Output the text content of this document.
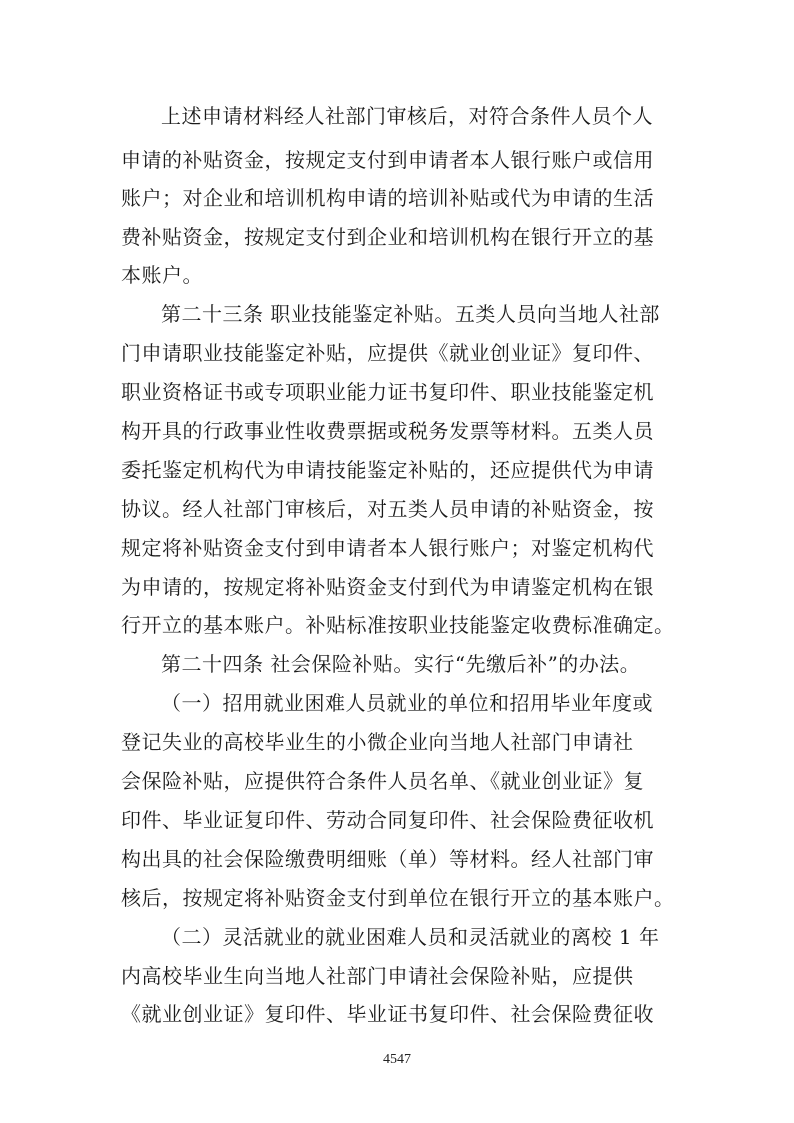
上述申请材料经人社部门审核后，对符合条件人员个人
申请的补贴资金，按规定支付到申请者本人银行账户或信用
账户；对企业和培训机构申请的培训补贴或代为申请的生活
费补贴资金，按规定支付到企业和培训机构在银行开立的基
本账户。
第二十三条 职业技能鉴定补贴。五类人员向当地人社部
门申请职业技能鉴定补贴，应提供《就业创业证》复印件、
职业资格证书或专项职业能力证书复印件、职业技能鉴定机
构开具的行政事业性收费票据或税务发票等材料。五类人员
委托鉴定机构代为申请技能鉴定补贴的，还应提供代为申请
协议。经人社部门审核后，对五类人员申请的补贴资金，按
规定将补贴资金支付到申请者本人银行账户；对鉴定机构代
为申请的，按规定将补贴资金支付到代为申请鉴定机构在银
行开立的基本账户。补贴标准按职业技能鉴定收费标准确定。
第二十四条 社会保险补贴。实行“先缴后补”的办法。
（一）招用就业困难人员就业的单位和招用毕业年度或
登记失业的高校毕业生的小微企业向当地人社部门申请社
会保险补贴，应提供符合条件人员名单、《就业创业证》复
印件、毕业证复印件、劳动合同复印件、社会保险费征收机
构出具的社会保险缴费明细账（单）等材料。经人社部门审
核后，按规定将补贴资金支付到单位在银行开立的基本账户。
（二）灵活就业的就业困难人员和灵活就业的离校 1 年
内高校毕业生向当地人社部门申请社会保险补贴，应提供
《就业创业证》复印件、毕业证书复印件、社会保险费征收
4547
